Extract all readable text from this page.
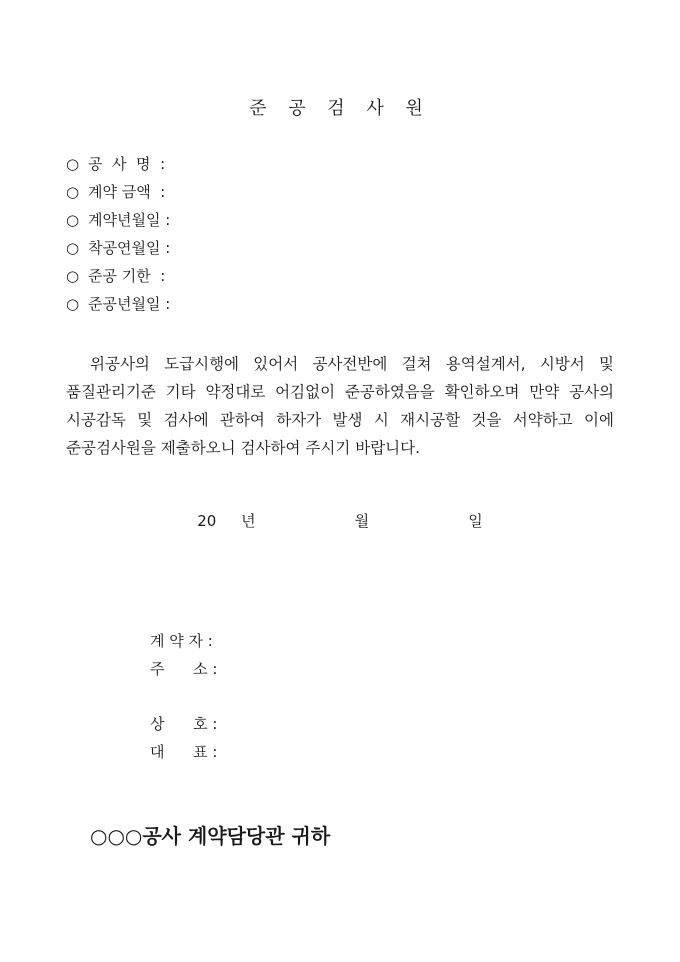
준 공 검 사 원
○ 공  사  명  :
○ 계약 금액  :
○ 계약년월일 :
○ 착공연월일 :
○ 준공 기한  :
○ 준공년월일 :
위공사의 도급시행에 있어서 공사전반에 걸쳐 용역설계서, 시방서 및 품질관리기준 기타 약정대로 어김없이 준공하였음을 확인하오며 만약 공사의 시공감독 및 검사에 관하여 하자가 발생 시 재시공할 것을 서약하고 이에 준공검사원을 제출하오니 검사하여 주시기 바랍니다.
20 년    월    일
계 약 자 :
주      소 :
상      호 :
대      표 :
○○○공사 계약담당관 귀하
